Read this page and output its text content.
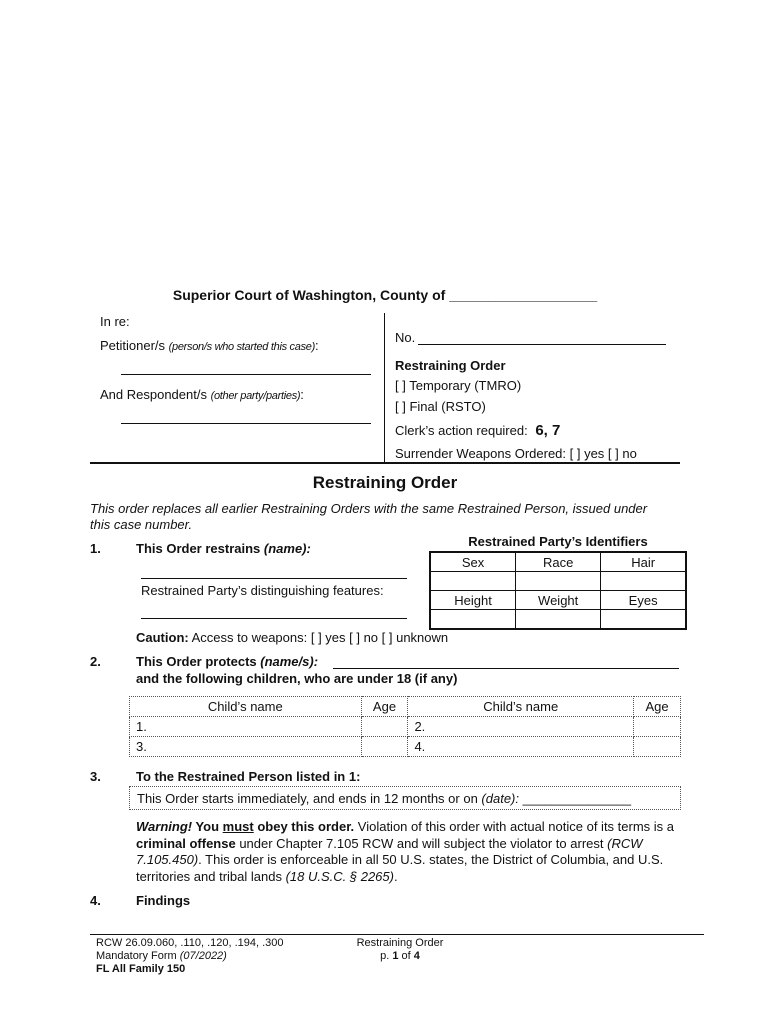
Superior Court of Washington, County of ___________________
In re:
Petitioner/s (person/s who started this case):
And Respondent/s (other party/parties):
No.
Restraining Order
[ ] Temporary (TMRO)
[ ] Final (RSTO)
Clerk’s action required: 6, 7
Surrender Weapons Ordered: [ ] yes [ ] no
Restraining Order
This order replaces all earlier Restraining Orders with the same Restrained Person, issued under this case number.
1.	This Order restrains (name):
Restrained Party’s distinguishing features:
Restrained Party’s Identifiers
Sex	Race	Hair

Height	Weight	Eyes

Caution: Access to weapons: [ ] yes [ ] no [ ] unknown
2.	This Order protects (name/s):
and the following children, who are under 18 (if any)
Child’s name	Age	Child’s name	Age
1.		2.	
3.		4.	
3.	To the Restrained Person listed in 1:
This Order starts immediately, and ends in 12 months or on (date): _______________
Warning! You must obey this order. Violation of this order with actual notice of its terms is a criminal offense under Chapter 7.105 RCW and will subject the violator to arrest (RCW 7.105.450). This order is enforceable in all 50 U.S. states, the District of Columbia, and U.S. territories and tribal lands (18 U.S.C. § 2265).
4.	Findings
RCW 26.09.060, .110, .120, .194, .300
Mandatory Form (07/2022)
FL All Family 150
Restraining Order
p. 1 of 4
